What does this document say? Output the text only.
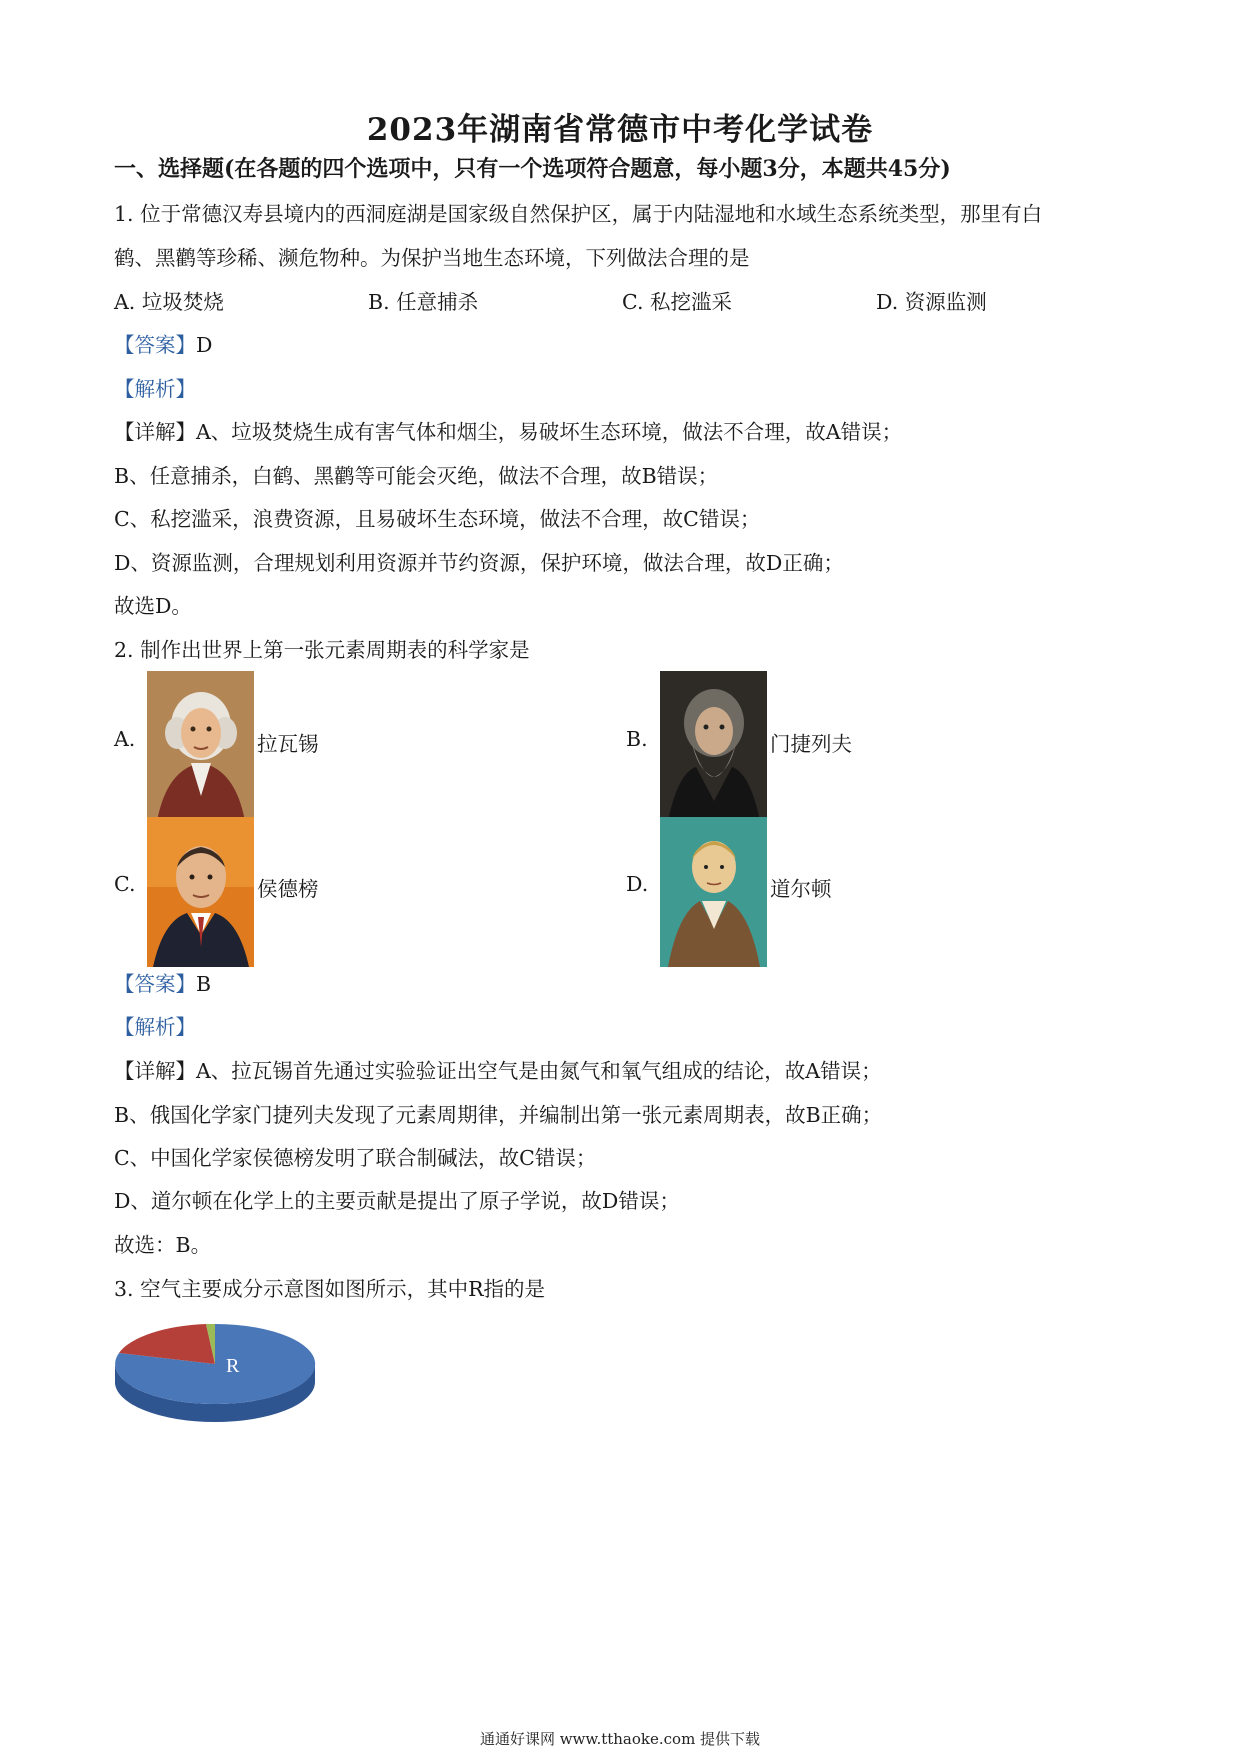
2023年湖南省常德市中考化学试卷
一、选择题(在各题的四个选项中，只有一个选项符合题意，每小题3分，本题共45分)
1. 位于常德汉寿县境内的西洞庭湖是国家级自然保护区，属于内陆湿地和水域生态系统类型，那里有白
鹤、黑鹳等珍稀、濒危物种。为保护当地生态环境，下列做法合理的是
A. 垃圾焚烧	B. 任意捕杀	C. 私挖滥采	D. 资源监测
【答案】D
【解析】
【详解】A、垃圾焚烧生成有害气体和烟尘，易破坏生态环境，做法不合理，故A错误；
B、任意捕杀，白鹤、黑鹳等可能会灭绝，做法不合理，故B错误；
C、私挖滥采，浪费资源，且易破坏生态环境，做法不合理，故C错误；
D、资源监测，合理规划利用资源并节约资源，保护环境，做法合理，故D正确；
故选D。
2. 制作出世界上第一张元素周期表的科学家是
A.	拉瓦锡	B.	门捷列夫
C.	侯德榜	D.	道尔顿
【答案】B
【解析】
【详解】A、拉瓦锡首先通过实验验证出空气是由氮气和氧气组成的结论，故A错误；
B、俄国化学家门捷列夫发现了元素周期律，并编制出第一张元素周期表，故B正确；
C、中国化学家侯德榜发明了联合制碱法，故C错误；
D、道尔顿在化学上的主要贡献是提出了原子学说，故D错误；
故选：B。
3. 空气主要成分示意图如图所示，其中R指的是
R
通通好课网 www.tthaoke.com 提供下载
